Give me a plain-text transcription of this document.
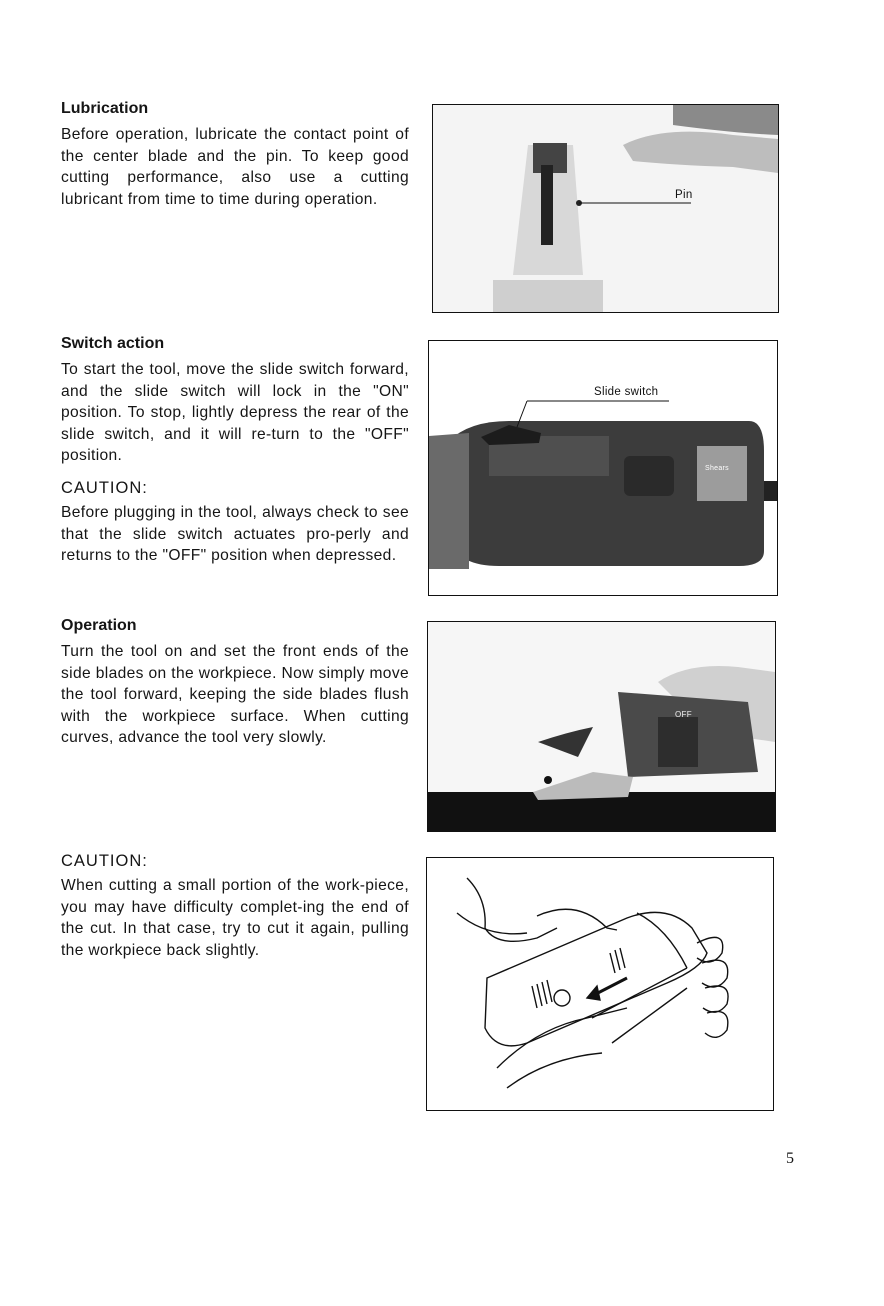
Lubrication

Before operation, lubricate the contact point of the center blade and the pin. To keep good cutting performance, also use a cutting lubricant from time to time during operation.

Switch action

To start the tool, move the slide switch forward, and the slide switch will lock in the "ON" position. To stop, lightly depress the rear of the slide switch, and it will re-turn to the "OFF" position.

CAUTION:

Before plugging in the tool, always check to see that the slide switch actuates pro-perly and returns to the "OFF" position when depressed.

Operation

Turn the tool on and set the front ends of the side blades on the workpiece. Now simply move the tool forward, keeping the side blades flush with the workpiece surface. When cutting curves, advance the tool very slowly.

CAUTION:

When cutting a small portion of the work-piece, you may have difficulty complet-ing the end of the cut. In that case, try to cut it again, pulling the workpiece back slightly.

Pin
Slide switch
Shears
OFF
5
